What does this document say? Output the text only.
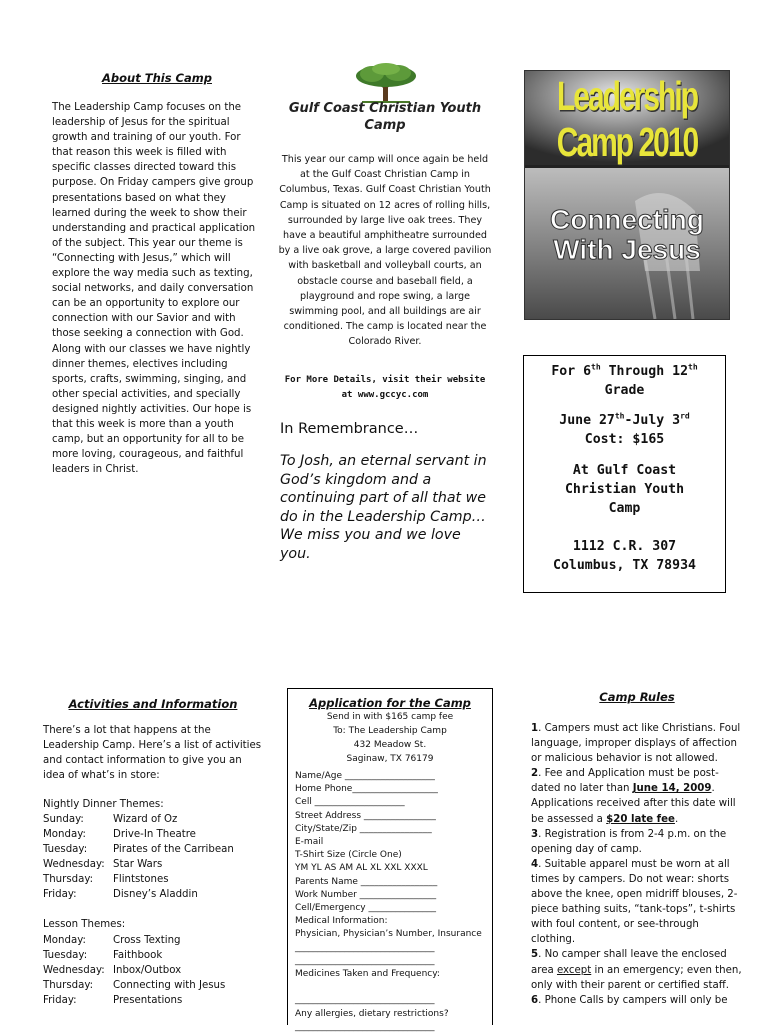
About This Camp
The Leadership Camp focuses on the leadership of Jesus for the spiritual growth and training of our youth. For that reason this week is filled with specific classes directed toward this purpose. On Friday campers give group presentations based on what they learned during the week to show their understanding and practical application of the subject. This year our theme is “Connecting with Jesus,” which will explore the way media such as texting, social networks, and daily conversation can be an opportunity to explore our connection with our Savior and with those seeking a connection with God. Along with our classes we have nightly dinner themes, electives including sports, crafts, swimming, singing, and other special activities, and specially designed nightly activities. Our hope is that this week is more than a youth camp, but an opportunity for all to be more loving, courageous, and faithful leaders in Christ.
Gulf Coast Christian Youth Camp
This year our camp will once again be held at the Gulf Coast Christian Camp in Columbus, Texas. Gulf Coast Christian Youth Camp is situated on 12 acres of rolling hills, surrounded by large live oak trees. They have a beautiful amphitheatre surrounded by a live oak grove, a large covered pavilion with basketball and volleyball courts, an obstacle course and baseball field, a playground and rope swing, a large swimming pool, and all buildings are air conditioned. The camp is located near the Colorado River.
For More Details, visit their website at www.gccyc.com
In Remembrance…
To Josh, an eternal servant in God’s kingdom and a continuing part of all that we do in the Leadership Camp… We miss you and we love you.
Leadership Camp 2010
Connecting
With Jesus

For 6th Through 12th

Grade

June 27th-July 3rd

Cost: $165

At Gulf Coast Christian Youth Camp

1112 C.R. 307

Columbus, TX 78934

Activities and Information
There’s a lot that happens at the Leadership Camp. Here’s a list of activities and contact information to give you an idea of what’s in store:
Nightly Dinner Themes:
Sunday:	Wizard of Oz
Monday:	Drive-In Theatre
Tuesday:	Pirates of the Carribean
Wednesday: Star Wars
Thursday:	Flintstones
Friday:	Disney’s Aladdin
Lesson Themes:
Monday:	Cross Texting
Tuesday:	Faithbook
Wednesday: Inbox/Outbox
Thursday:	Connecting with Jesus
Friday:	Presentations
Application for the Camp
Send in with $165 camp fee
To: The Leadership Camp
432 Meadow St.
Saginaw, TX 76179
Name/Age ____________________
Home Phone___________________
Cell ____________________
Street Address ________________
City/State/Zip ________________
E-mail
T-Shirt Size (Circle One)
YM YL AS AM AL XL XXL XXXL
Parents Name _________________
Work Number _________________
Cell/Emergency _______________
Medical Information:
Physician, Physician’s Number, Insurance
_______________________________
_______________________________
Medicines Taken and Frequency:
_______________________________
Any allergies, dietary restrictions?
_______________________________
Camp Rules

1. Campers must act like Christians. Foul language, improper displays of affection or malicious behavior is not allowed.

2. Fee and Application must be post-dated no later than June 14, 2009. Applications received after this date will be assessed a $20 late fee.

3. Registration is from 2-4 p.m. on the opening day of camp.

4. Suitable apparel must be worn at all times by campers. Do not wear: shorts above the knee, open midriff blouses, 2-piece bathing suits, “tank-tops”, t-shirts with foul content, or see-through clothing.

5. No camper shall leave the enclosed area except in an emergency; even then, only with their parent or certified staff.

6. Phone Calls by campers will only be
